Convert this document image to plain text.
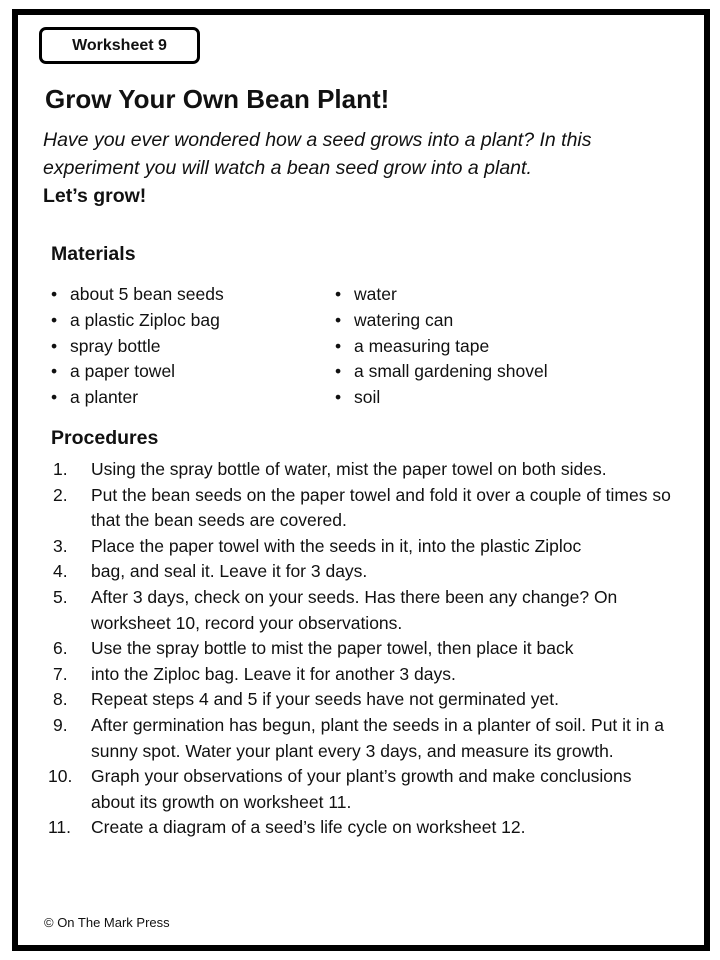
Worksheet 9
Grow Your Own Bean Plant!

Have you ever wondered how a seed grows into a plant? In this experiment you will watch a bean seed grow into a plant.
Let’s grow!

Materials
• about 5 bean seeds
• a plastic Ziploc bag
• spray bottle
• a paper towel
• a planter
• water
• watering can
• a measuring tape
• a small gardening shovel
• soil
Procedures
1. Using the spray bottle of water, mist the paper towel on both sides.
2. Put the bean seeds on the paper towel and fold it over a couple of times so that the bean seeds are covered.
3. Place the paper towel with the seeds in it, into the plastic Ziploc
4. bag, and seal it. Leave it for 3 days.
5. After 3 days, check on your seeds. Has there been any change? On worksheet 10, record your observations.
6. Use the spray bottle to mist the paper towel, then place it back
7. into the Ziploc bag. Leave it for another 3 days.
8. Repeat steps 4 and 5 if your seeds have not germinated yet.
9. After germination has begun, plant the seeds in a planter of soil. Put it in a sunny spot. Water your plant every 3 days, and measure its growth.
10. Graph your observations of your plant’s growth and make conclusions about its growth on worksheet 11.
11. Create a diagram of a seed’s life cycle on worksheet 12.
© On The Mark Press
